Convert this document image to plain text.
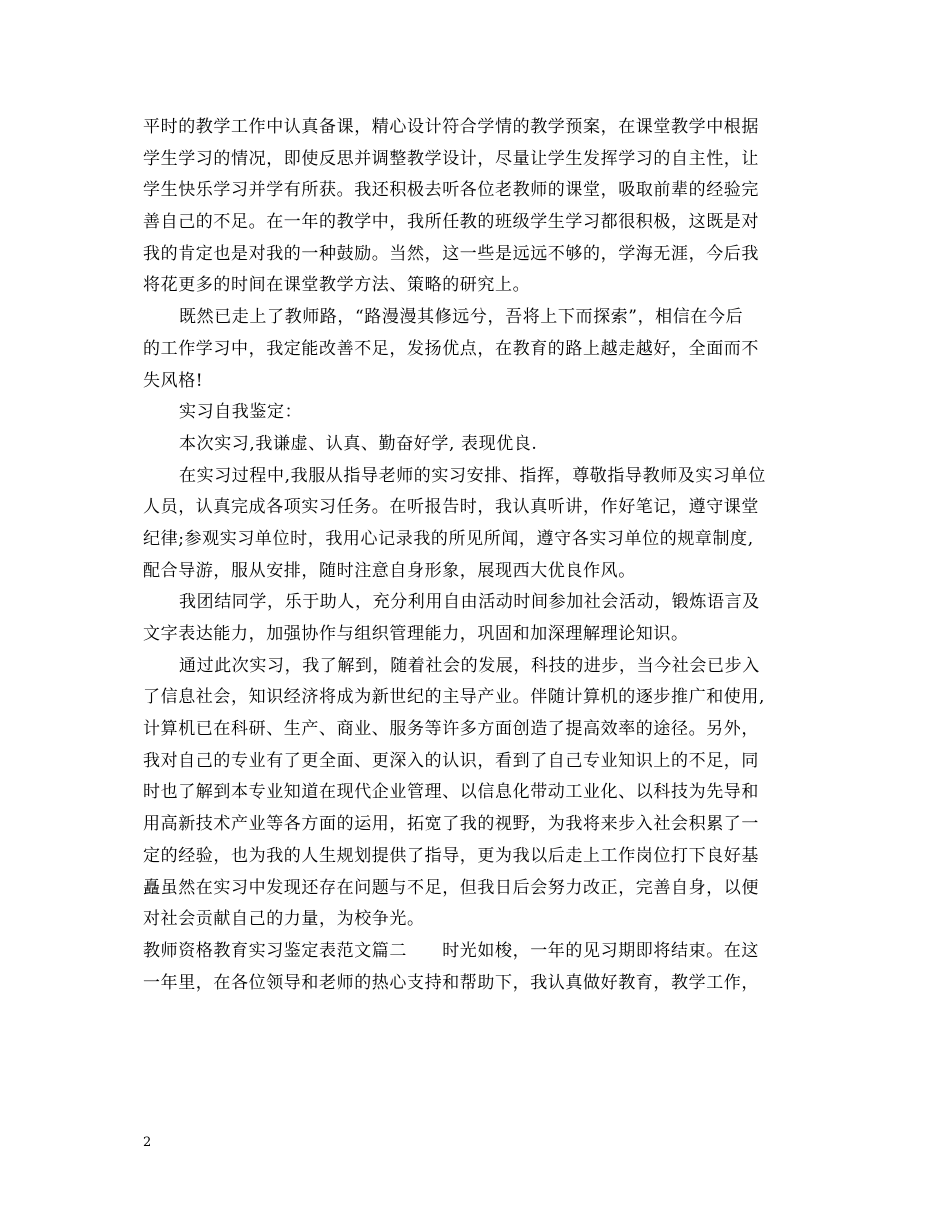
平时的教学工作中认真备课，精心设计符合学情的教学预案，在课堂教学中根据
学生学习的情况，即使反思并调整教学设计，尽量让学生发挥学习的自主性，让
学生快乐学习并学有所获。我还积极去听各位老教师的课堂，吸取前辈的经验完
善自己的不足。在一年的教学中，我所任教的班级学生学习都很积极，这既是对
我的肯定也是对我的一种鼓励。当然，这一些是远远不够的，学海无涯，今后我
将花更多的时间在课堂教学方法、策略的研究上。
既然已走上了教师路，“路漫漫其修远兮，吾将上下而探索”，相信在今后
的工作学习中，我定能改善不足，发扬优点，在教育的路上越走越好，全面而不
失风格!
实习自我鉴定：
本次实习,我谦虚、认真、勤奋好学, 表现优良.
在实习过程中,我服从指导老师的实习安排、指挥，尊敬指导教师及实习单位
人员，认真完成各项实习任务。在听报告时，我认真听讲，作好笔记，遵守课堂
纪律;参观实习单位时，我用心记录我的所见所闻，遵守各实习单位的规章制度,
配合导游，服从安排，随时注意自身形象，展现西大优良作风。
我团结同学，乐于助人，充分利用自由活动时间参加社会活动，锻炼语言及
文字表达能力，加强协作与组织管理能力，巩固和加深理解理论知识。
通过此次实习，我了解到，随着社会的发展，科技的进步，当今社会已步入
了信息社会，知识经济将成为新世纪的主导产业。伴随计算机的逐步推广和使用,
计算机已在科研、生产、商业、服务等许多方面创造了提高效率的途径。另外，
我对自己的专业有了更全面、更深入的认识，看到了自己专业知识上的不足，同
时也了解到本专业知道在现代企业管理、以信息化带动工业化、以科技为先导和
用高新技术产业等各方面的运用，拓宽了我的视野，为我将来步入社会积累了一
定的经验，也为我的人生规划提供了指导，更为我以后走上工作岗位打下良好基
矗虽然在实习中发现还存在问题与不足，但我日后会努力改正，完善自身，以便
对社会贡献自己的力量，为校争光。
教师资格教育实习鉴定表范文篇二　　时光如梭，一年的见习期即将结束。在这
一年里，在各位领导和老师的热心支持和帮助下，我认真做好教育，教学工作，
2
